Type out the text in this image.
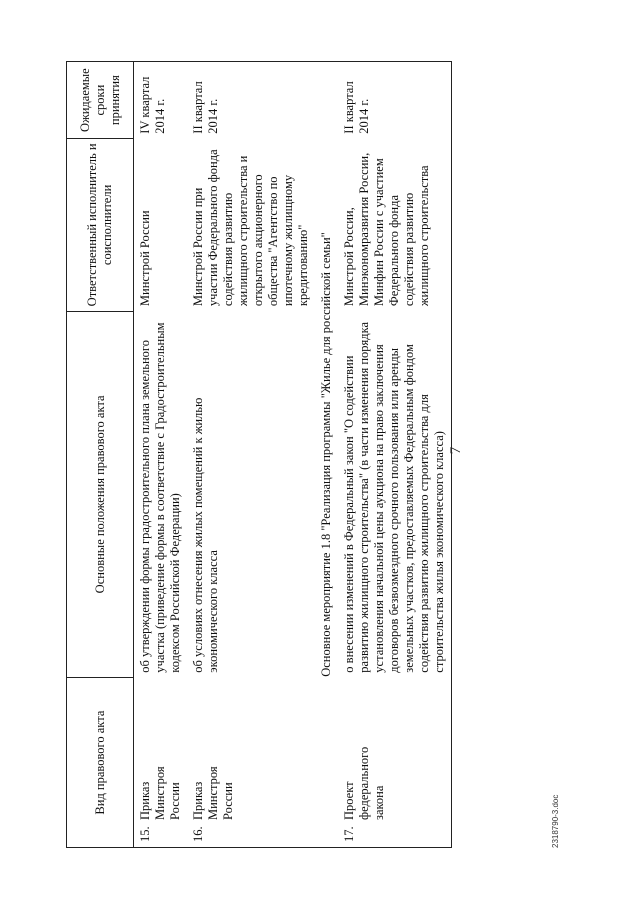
7
Вид правового акта	Основные положения правового акта	Ответственный исполнитель и соисполнители	Ожидаемые сроки принятия
15.Приказ Минстроя России	об утверждении формы градостроительного плана земельного участка (приведение формы в соответствие с Градостроительным кодексом Российской Федерации)	Минстрой России	IV квартал 2014 г.
16.Приказ Минстроя России	об условиях отнесения жилых помещений к жилью экономического класса	Минстрой России при участии Федерального фонда содействия развитию жилищного строительства и открытого акционерного общества "Агентство по ипотечному жилищному кредитованию"	II квартал 2014 г.
Основное мероприятие 1.8 "Реализация программы "Жилье для российской семьи"			
17.Проект федерального закона	о внесении изменений в Федеральный закон "О содействии развитию жилищного строительства" (в части изменения порядка установления начальной цены аукциона на право заключения договоров безвозмездного срочного пользования или аренды земельных участков, предоставляемых Федеральным фондом содействия развитию жилищного строительства для строительства жилья экономического класса)	Минстрой России, Минэкономразвития России, Минфин России с участием Федерального фонда содействия развитию жилищного строительства	II квартал 2014 г.
2318790-3.doc
